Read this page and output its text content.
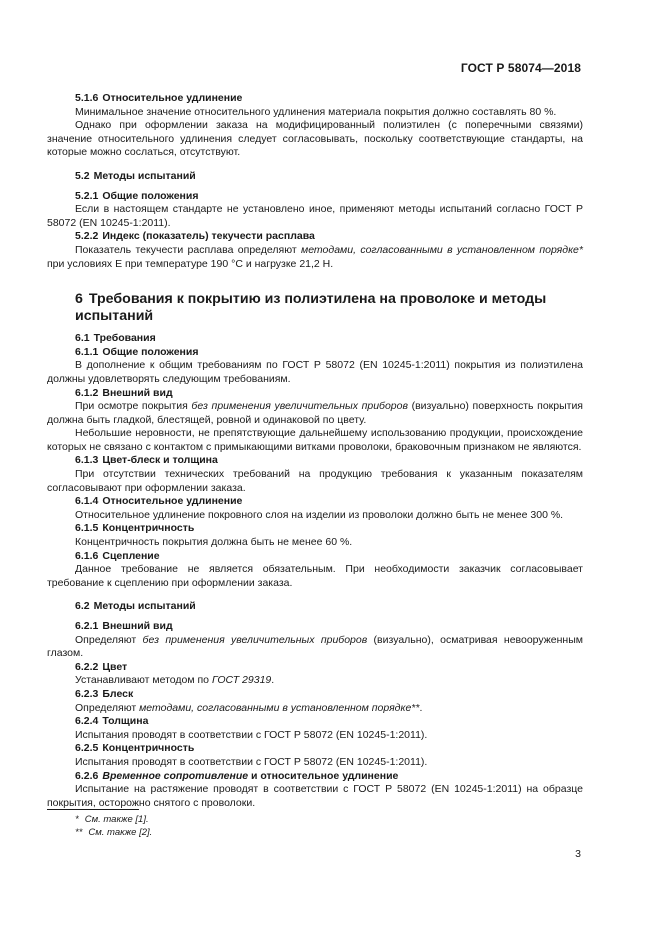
ГОСТ Р 58074—2018

5.1.6 Относительное удлинение

Минимальное значение относительного удлинения материала покрытия должно составлять 80 %.

Однако при оформлении заказа на модифицированный полиэтилен (с поперечными связями) значение относительного удлинения следует согласовывать, поскольку соответствующие стандарты, на которые можно сослаться, отсутствуют.

5.2 Методы испытаний

5.2.1 Общие положения

Если в настоящем стандарте не установлено иное, применяют методы испытаний согласно ГОСТ Р 58072 (EN 10245-1:2011).

5.2.2 Индекс (показатель) текучести расплава

Показатель текучести расплава определяют методами, согласованными в установленном порядке* при условиях E при температуре 190 °С и нагрузке 21,2 Н.

6 Требования к покрытию из полиэтилена на проволоке и методы
испытаний

6.1 Требования

6.1.1 Общие положения

В дополнение к общим требованиям по ГОСТ Р 58072 (EN 10245-1:2011) покрытия из полиэтилена должны удовлетворять следующим требованиям.

6.1.2 Внешний вид

При осмотре покрытия без применения увеличительных приборов (визуально) поверхность покрытия должна быть гладкой, блестящей, ровной и одинаковой по цвету.

Небольшие неровности, не препятствующие дальнейшему использованию продукции, происхождение которых не связано с контактом с примыкающими витками проволоки, браковочным признаком не являются.

6.1.3 Цвет-блеск и толщина

При отсутствии технических требований на продукцию требования к указанным показателям согласовывают при оформлении заказа.

6.1.4 Относительное удлинение

Относительное удлинение покровного слоя на изделии из проволоки должно быть не менее 300 %.

6.1.5 Концентричность

Концентричность покрытия должна быть не менее 60 %.

6.1.6 Сцепление

Данное требование не является обязательным. При необходимости заказчик согласовывает требование к сцеплению при оформлении заказа.

6.2 Методы испытаний

6.2.1 Внешний вид

Определяют без применения увеличительных приборов (визуально), осматривая невооруженным глазом.

6.2.2 Цвет

Устанавливают методом по ГОСТ 29319.

6.2.3 Блеск

Определяют методами, согласованными в установленном порядке**.

6.2.4 Толщина

Испытания проводят в соответствии с ГОСТ Р 58072 (EN 10245-1:2011).

6.2.5 Концентричность

Испытания проводят в соответствии с ГОСТ Р 58072 (EN 10245-1:2011).

6.2.6 Временное сопротивление и относительное удлинение

Испытание на растяжение проводят в соответствии с ГОСТ Р 58072 (EN 10245-1:2011) на образце покрытия, осторожно снятого с проволоки.

* См. также [1].
** См. также [2].
3
